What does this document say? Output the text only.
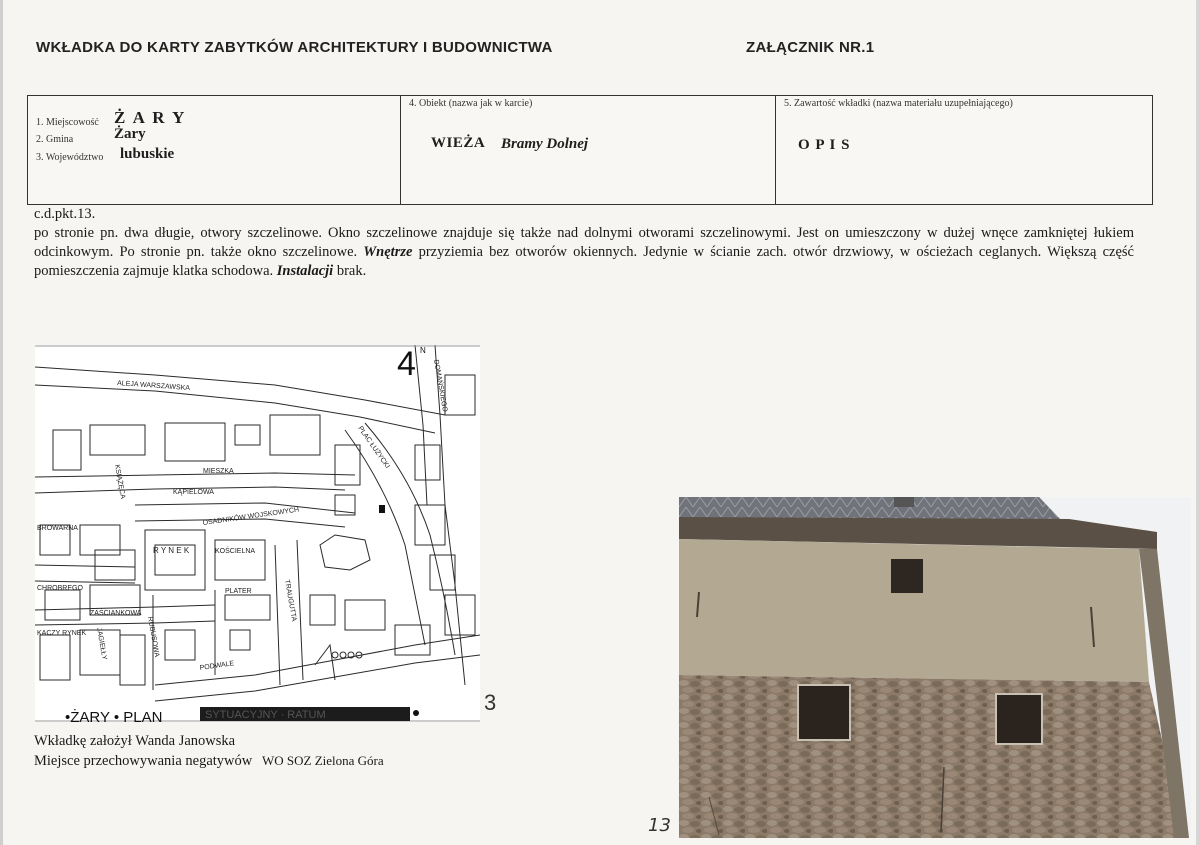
WKŁADKA DO KARTY ZABYTKÓW ARCHITEKTURY I BUDOWNICTWA	ZAŁĄCZNIK NR.1
1. Miejscowość Ż A R Y
2. Gmina	Żary
3. Województwo lubuskie
4. Obiekt (nazwa jak w karcie)
WIEŻA Bramy Dolnej
5. Zawartość wkładki (nazwa materiału uzupełniającego)
O P I S

c.d.pkt.13.

po stronie pn. dwa długie, otwory szczelinowe. Okno szczelinowe znajduje się także nad dolnymi otworami szczelinowymi. Jest on umieszczony w dużej wnęce zamkniętej łukiem odcinkowym. Po stronie pn. także okno szczelinowe. Wnętrze przyziemia bez otworów okiennych. Jedynie w ścianie zach. otwór drzwiowy, w ościeżach ceglanych. Większą część pomieszczenia zajmuje klatka schodowa. Instalacji brak.

4 N
ALEJA WARSZAWSKA	DOMAŃSKIEGO
PLAC ŁUŻYCKI
MIESZKA
KSIĄŻĘCA	KĄPIELOWA
OSADNIKÓW WOJSKOWYCH
R Y N E K	KOŚCIELNA
BROWARNA
CHROBREGO
ZAŚCIANKOWA
PLATER	TRAUGUTTA
KACZY RYNEK JAGIEŁŁY	RUBUSOWA
PODWALE
•ŻARY • PLAN	SYTUACYJNY · RATUM	3
Wkładkę założył Wanda Janowska
Miejsce przechowywania negatywów WO SOZ Zielona Góra
13
